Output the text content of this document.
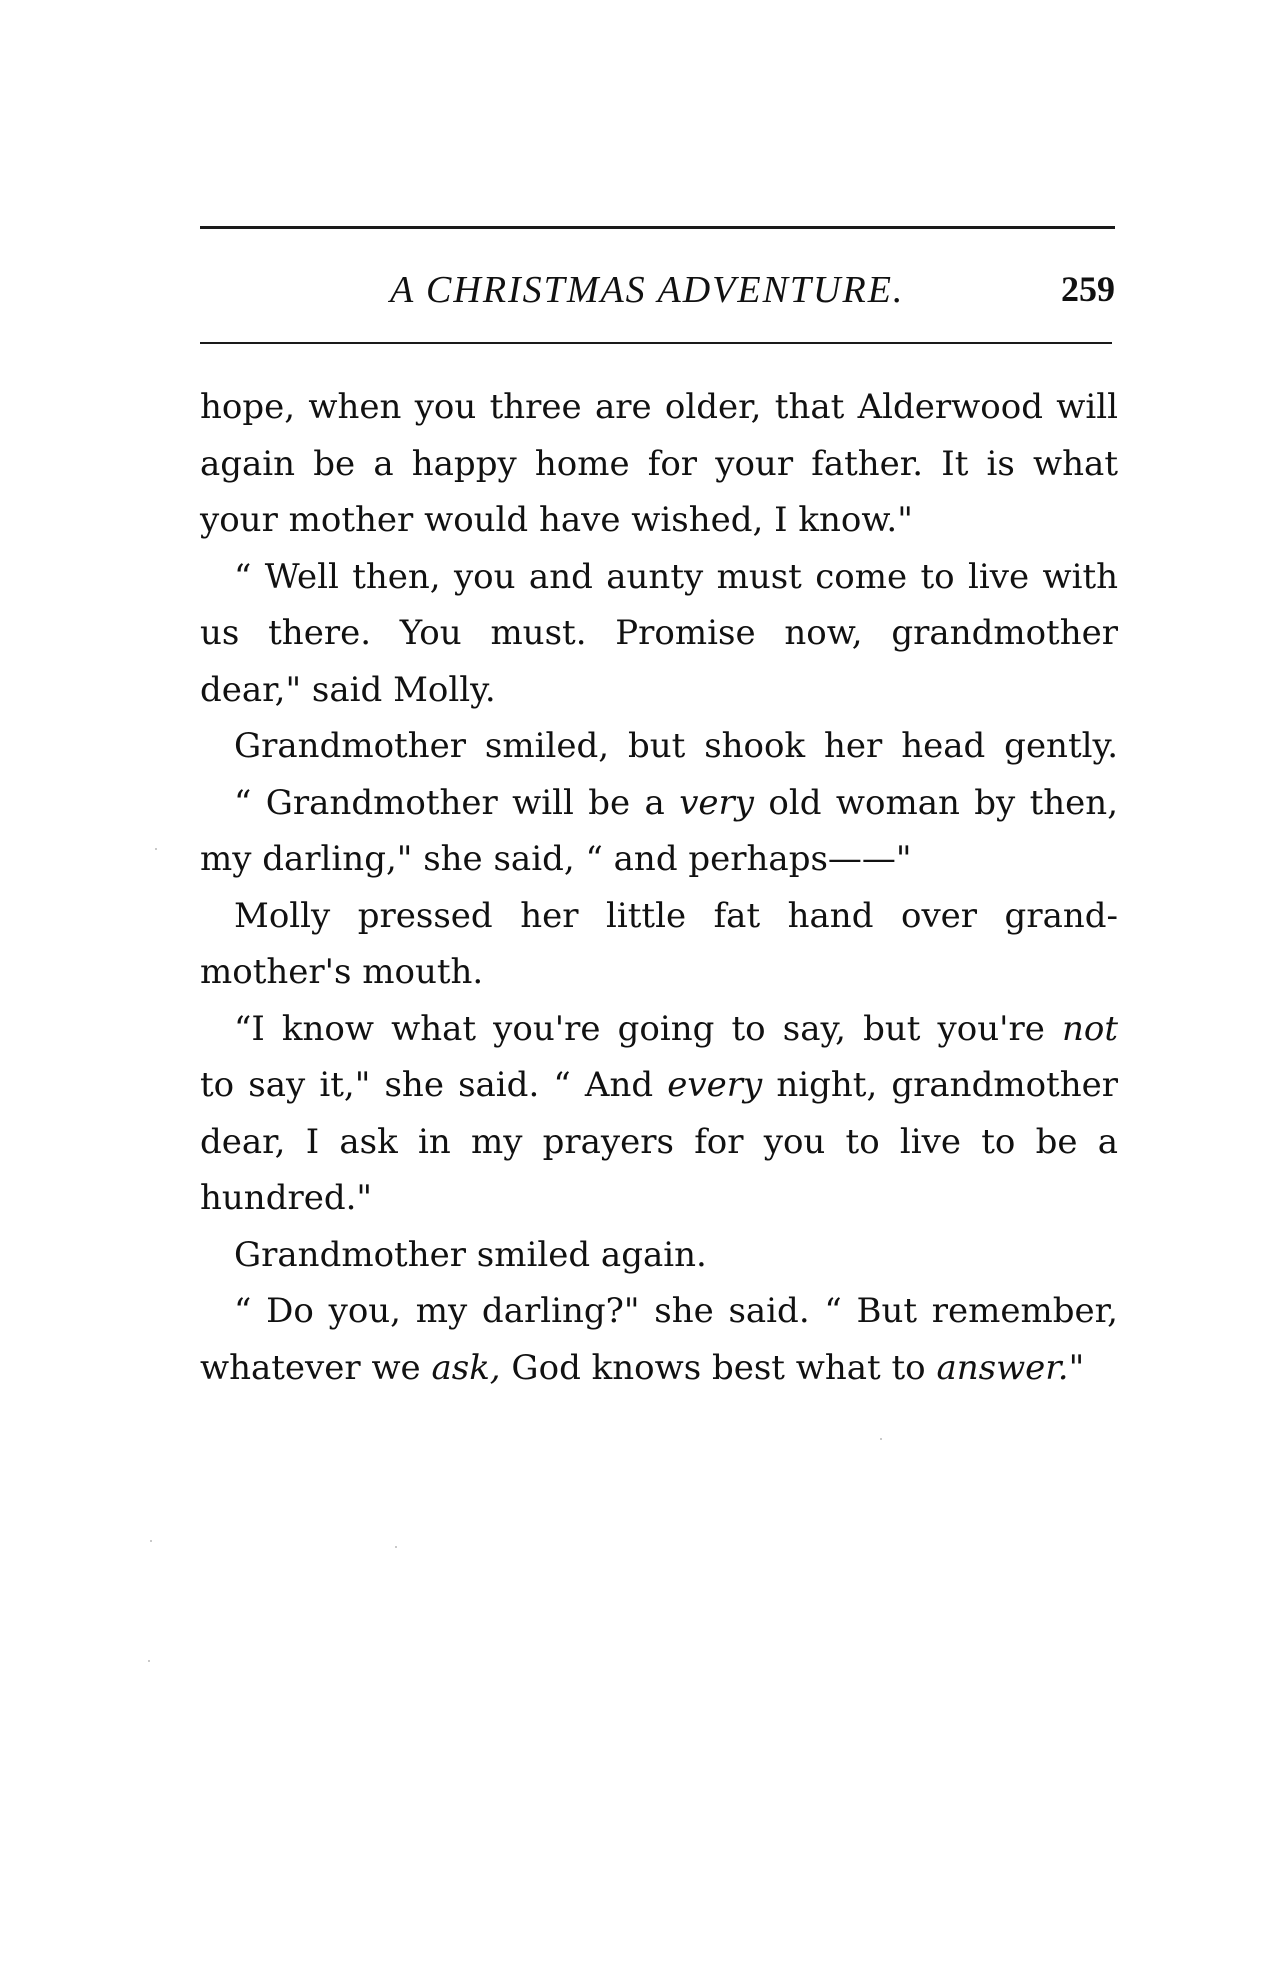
A CHRISTMAS ADVENTURE.	259
hope, when you three are older, that Alderwood will
again be a happy home for your father. It is what
your mother would have wished, I know."
“ Well then, you and aunty must come to live with
us there. You must. Promise now, grandmother
dear," said Molly.
Grandmother smiled, but shook her head gently.
“ Grandmother will be a very old woman by then,
my darling," she said, “ and perhaps——"
Molly pressed her little fat hand over grand-
mother's mouth.
“I know what you're going to say, but you're not
to say it," she said. “ And every night, grandmother
dear, I ask in my prayers for you to live to be a
hundred."
Grandmother smiled again.
“ Do you, my darling?" she said. “ But remember,
whatever we ask, God knows best what to answer."
